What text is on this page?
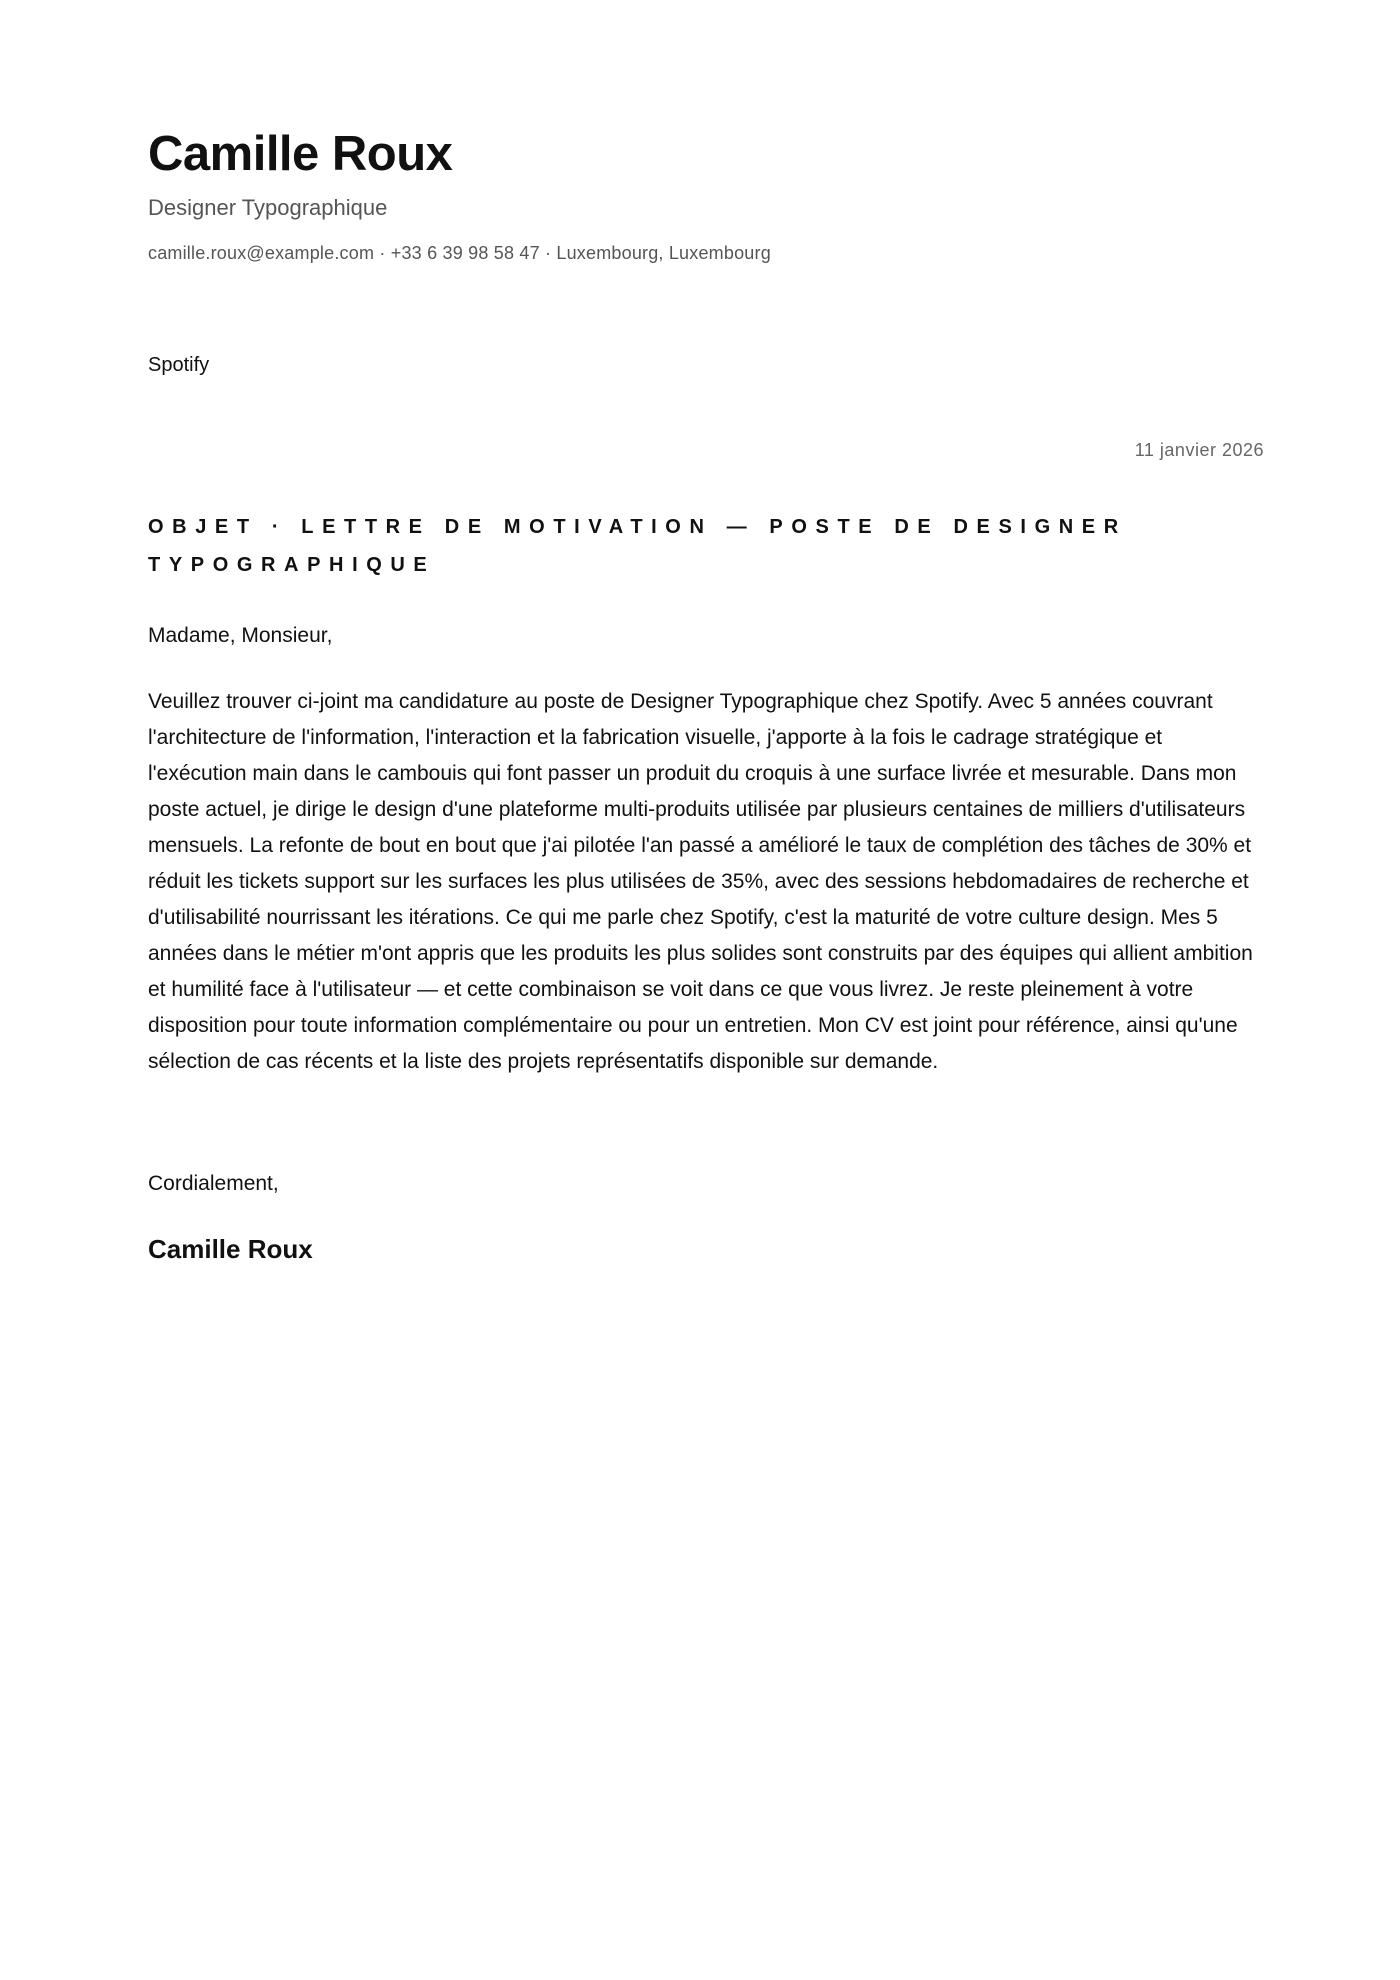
Camille Roux
Designer Typographique
camille.roux@example.com · +33 6 39 98 58 47 · Luxembourg, Luxembourg
Spotify
11 janvier 2026
OBJET · LETTRE DE MOTIVATION — POSTE DE DESIGNER TYPOGRAPHIQUE
Madame, Monsieur,

Veuillez trouver ci-joint ma candidature au poste de Designer Typographique chez Spotify. Avec 5 années couvrant l'architecture de l'information, l'interaction et la fabrication visuelle, j'apporte à la fois le cadrage stratégique et l'exécution main dans le cambouis qui font passer un produit du croquis à une surface livrée et mesurable. Dans mon poste actuel, je dirige le design d'une plateforme multi-produits utilisée par plusieurs centaines de milliers d'utilisateurs mensuels. La refonte de bout en bout que j'ai pilotée l'an passé a amélioré le taux de complétion des tâches de 30% et réduit les tickets support sur les surfaces les plus utilisées de 35%, avec des sessions hebdomadaires de recherche et d'utilisabilité nourrissant les itérations. Ce qui me parle chez Spotify, c'est la maturité de votre culture design. Mes 5 années dans le métier m'ont appris que les produits les plus solides sont construits par des équipes qui allient ambition et humilité face à l'utilisateur — et cette combinaison se voit dans ce que vous livrez. Je reste pleinement à votre disposition pour toute information complémentaire ou pour un entretien. Mon CV est joint pour référence, ainsi qu'une sélection de cas récents et la liste des projets représentatifs disponible sur demande.

Cordialement,
Camille Roux
